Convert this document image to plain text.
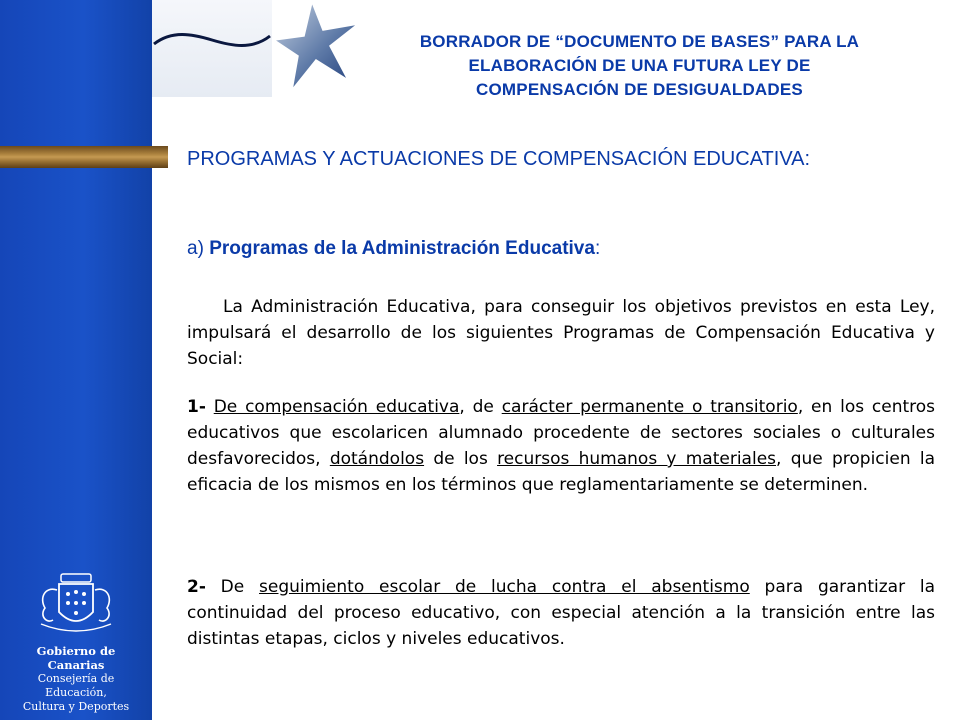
BORRADOR DE “DOCUMENTO DE BASES” PARA LA
ELABORACIÓN DE UNA FUTURA LEY DE
COMPENSACIÓN DE DESIGUALDADES
PROGRAMAS Y ACTUACIONES DE COMPENSACIÓN EDUCATIVA:
a) Programas de la Administración Educativa:
La Administración Educativa, para conseguir los objetivos previstos en esta Ley, impulsará el desarrollo de los siguientes Programas de Compensación Educativa y Social:
1- De compensación educativa, de carácter permanente o transitorio, en los centros educativos que escolaricen alumnado procedente de sectores sociales o culturales desfavorecidos, dotándolos de los recursos humanos y materiales, que propicien la eficacia de los mismos en los términos que reglamentariamente se determinen.
2- De seguimiento escolar de lucha contra el absentismo para garantizar la continuidad del proceso educativo, con especial atención a la transición entre las distintas etapas, ciclos y niveles educativos.
Gobierno de Canarias
Consejería de Educación,
Cultura y Deportes
